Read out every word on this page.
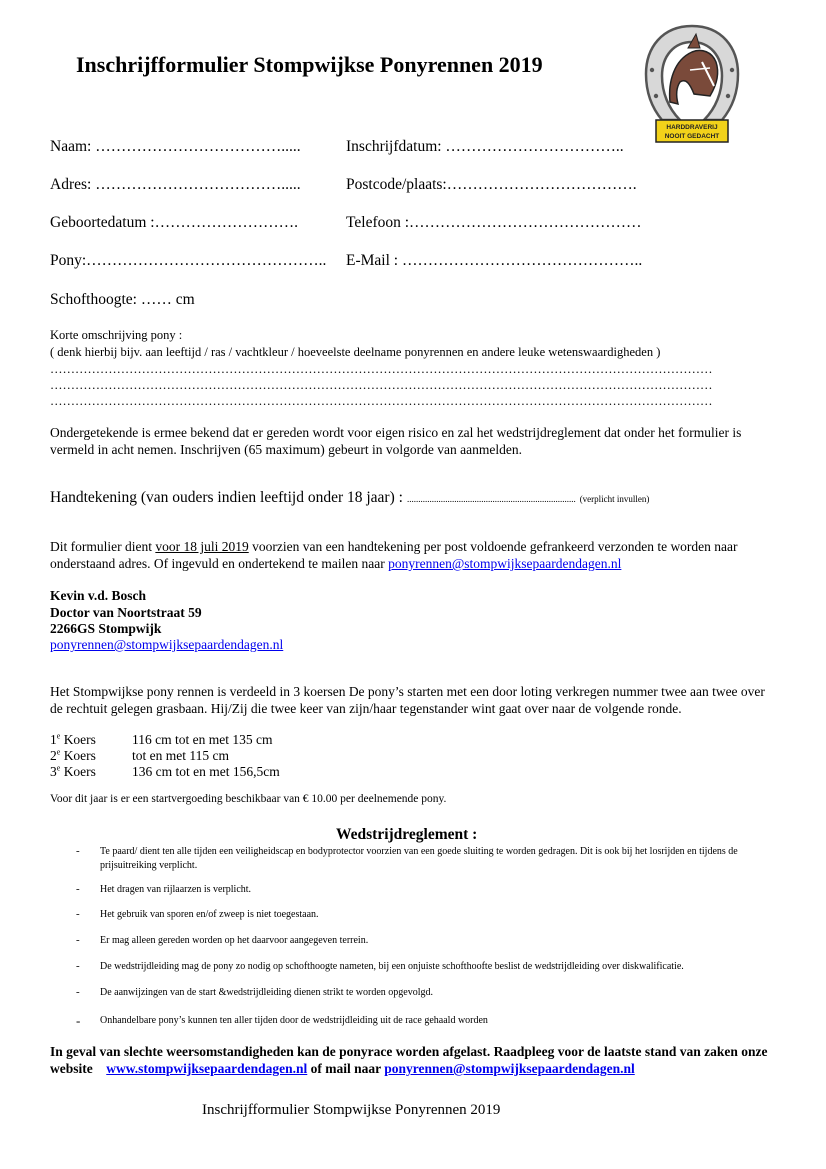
Inschrijfformulier Stompwijkse Ponyrennen 2019
HARDDRAVERIJ
NOOIT GEDACHT
Naam: ……………………………….....	Inschrijfdatum: ……………………………..
Adres: ……………………………….....	Postcode/plaats:……………………………….
Geboortedatum :……………………….	Telefoon :………………………………………
Pony:……………………………………….. E-Mail : ………………………………………..
Schofthoogte: …… cm
Korte omschrijving pony :
( denk hierbij bijv. aan leeftijd / ras / vachtkleur / hoeveelste deelname ponyrennen en andere leuke wetenswaardigheden )
……………………………………………………………………………………………………………………………………………
……………………………………………………………………………………………………………………………………………
……………………………………………………………………………………………………………………………………………
Ondergetekende is ermee bekend dat er gereden wordt voor eigen risico en zal het wedstrijdreglement dat onder het formulier is vermeld in acht nemen. Inschrijven (65 maximum) gebeurt in volgorde van aanmelden.
Handtekening (van ouders indien leeftijd onder 18 jaar) : ........................................................................... (verplicht invullen)
Dit formulier dient voor 18 juli 2019 voorzien van een handtekening per post voldoende gefrankeerd verzonden te worden naar onderstaand adres. Of ingevuld en ondertekend te mailen naar ponyrennen@stompwijksepaardendagen.nl
Kevin v.d. Bosch
Doctor van Noortstraat 59
2266GS Stompwijk
ponyrennen@stompwijksepaardendagen.nl
Het Stompwijkse pony rennen is verdeeld in 3 koersen De pony’s starten met een door loting verkregen nummer twee aan twee over de rechtuit gelegen grasbaan. Hij/Zij die twee keer van zijn/haar tegenstander wint gaat over naar de volgende ronde.
1e Koers	116 cm tot en met 135 cm
2e Koers	tot en met 115 cm
3e Koers	136 cm tot en met 156,5cm
Voor dit jaar is er een startvergoeding beschikbaar van € 10.00 per deelnemende pony.
Wedstrijdreglement :
- Te paard/ dient ten alle tijden een veiligheidscap en bodyprotector voorzien van een goede sluiting te worden gedragen. Dit is ook bij het losrijden en tijdens de prijsuitreiking verplicht.
- Het dragen van rijlaarzen is verplicht.
- Het gebruik van sporen en/of zweep is niet toegestaan.
- Er mag alleen gereden worden op het daarvoor aangegeven terrein.
- De wedstrijdleiding mag de pony zo nodig op schofthoogte nameten, bij een onjuiste schofthoofte beslist de wedstrijdleiding over diskwalificatie.
- De aanwijzingen van de start &wedstrijdleiding dienen strikt te worden opgevolgd.
- Onhandelbare pony’s kunnen ten aller tijden door de wedstrijdleiding uit de race gehaald worden
In geval van slechte weersomstandigheden kan de ponyrace worden afgelast. Raadpleeg voor de laatste stand van zaken onze website    www.stompwijksepaardendagen.nl of mail naar ponyrennen@stompwijksepaardendagen.nl
Inschrijfformulier Stompwijkse Ponyrennen 2019
